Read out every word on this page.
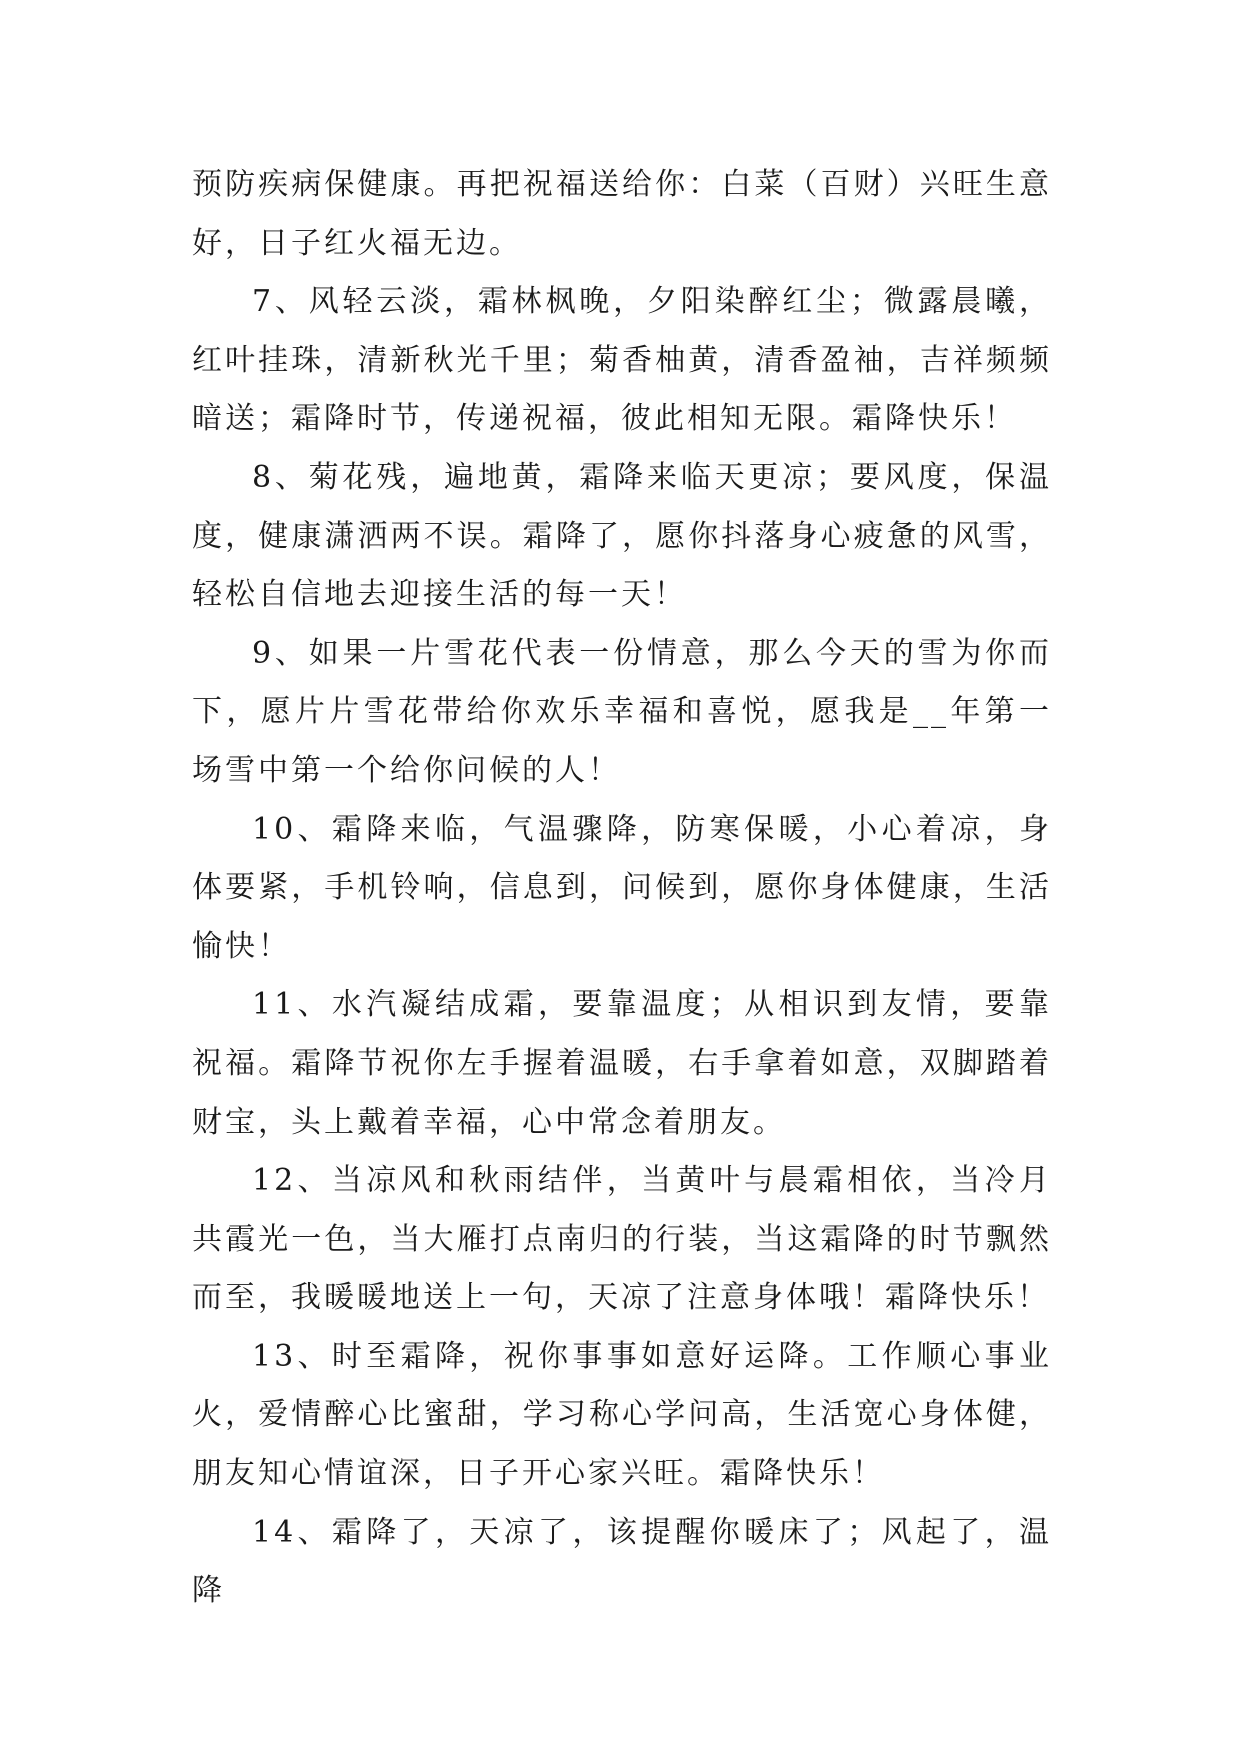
预防疾病保健康。再把祝福送给你：白菜（百财）兴旺生意好，日子红火福无边。

7、风轻云淡，霜林枫晚，夕阳染醉红尘；微露晨曦，红叶挂珠，清新秋光千里；菊香柚黄，清香盈袖，吉祥频频暗送；霜降时节，传递祝福，彼此相知无限。霜降快乐！

8、菊花残，遍地黄，霜降来临天更凉；要风度，保温度，健康潇洒两不误。霜降了，愿你抖落身心疲惫的风雪，轻松自信地去迎接生活的每一天！

9、如果一片雪花代表一份情意，那么今天的雪为你而下，愿片片雪花带给你欢乐幸福和喜悦，愿我是__年第一场雪中第一个给你问候的人！

10、霜降来临，气温骤降，防寒保暖，小心着凉，身体要紧，手机铃响，信息到，问候到，愿你身体健康，生活愉快！

11、水汽凝结成霜，要靠温度；从相识到友情，要靠祝福。霜降节祝你左手握着温暖，右手拿着如意，双脚踏着财宝，头上戴着幸福，心中常念着朋友。

12、当凉风和秋雨结伴，当黄叶与晨霜相依，当冷月共霞光一色，当大雁打点南归的行装，当这霜降的时节飘然而至，我暖暖地送上一句，天凉了注意身体哦！霜降快乐！

13、时至霜降，祝你事事如意好运降。工作顺心事业火，爱情醉心比蜜甜，学习称心学问高，生活宽心身体健，朋友知心情谊深，日子开心家兴旺。霜降快乐！

14、霜降了，天凉了，该提醒你暖床了；风起了，温降
